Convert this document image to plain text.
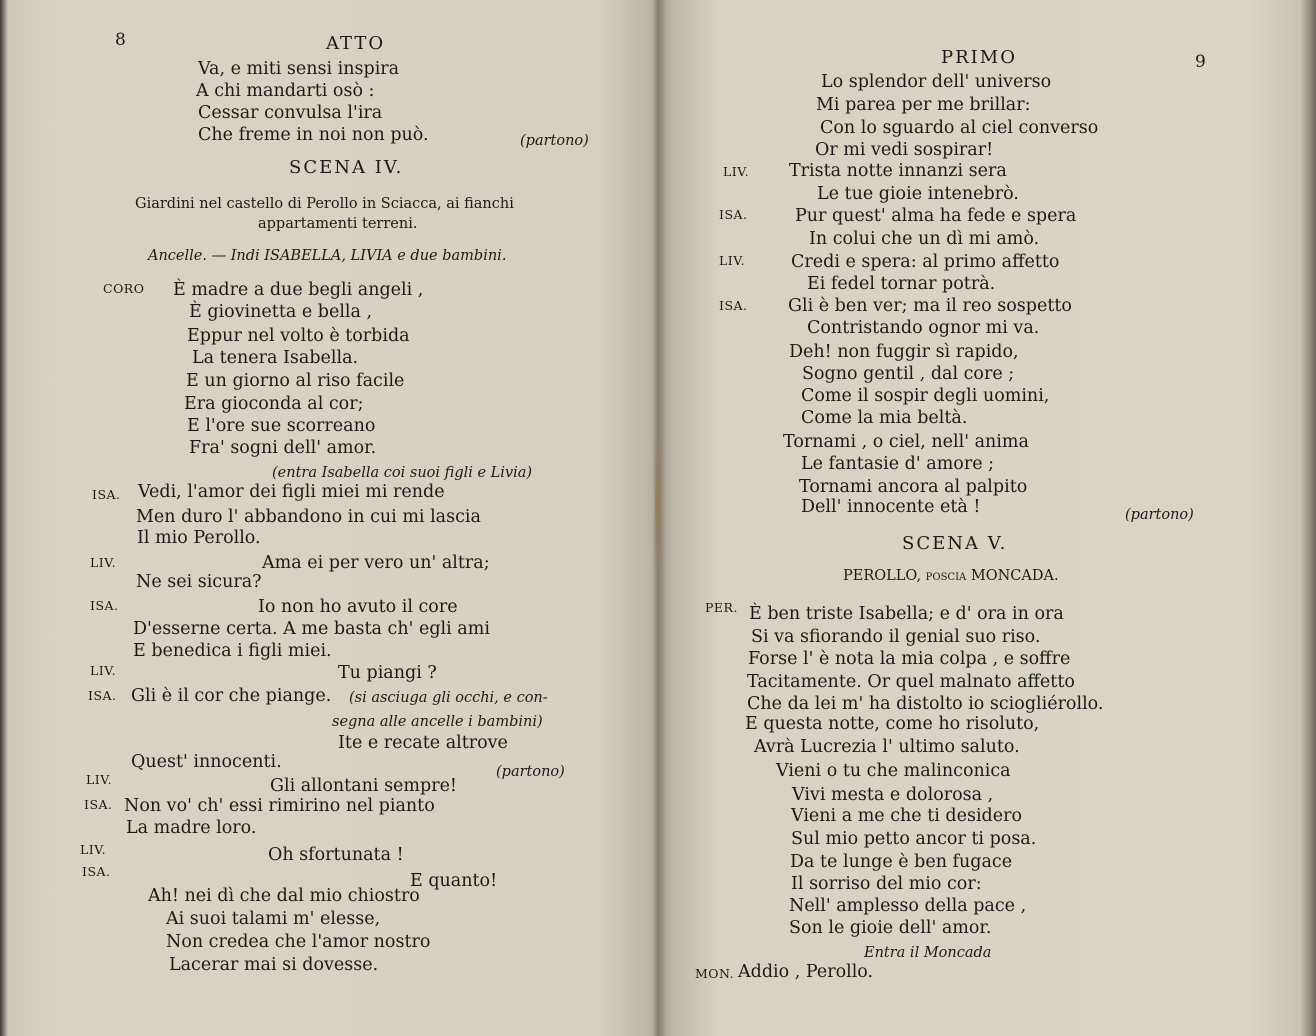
8	ATTO
Va, e miti sensi inspira
A chi mandarti osò :
Cessar convulsa l'ira
Che freme in noi non può.	(partono)
SCENA IV.
Giardini nel castello di Perollo in Sciacca, ai fianchi
appartamenti terreni.
Ancelle. — Indi ISABELLA, LIVIA e due bambini.
CORO È madre a due begli angeli ,
È giovinetta e bella ,
Eppur nel volto è torbida
La tenera Isabella.
E un giorno al riso facile
Era gioconda al cor;
E l'ore sue scorreano
Fra' sogni dell' amor.
(entra Isabella coi suoi figli e Livia)
ISA. Vedi, l'amor dei figli miei mi rende
Men duro l' abbandono in cui mi lascia
Il mio Perollo.
LIV.	Ama ei per vero un' altra;
Ne sei sicura?
ISA.	Io non ho avuto il core
D'esserne certa. A me basta ch' egli ami
E benedica i figli miei.
LIV.	Tu piangi ?
ISA. Gli è il cor che piange. (si asciuga gli occhi, e con-
segna alle ancelle i bambini)
Ite e recate altrove
Quest' innocenti.	(partono)
LIV.	Gli allontani sempre!
ISA. Non vo' ch' essi rimirino nel pianto
La madre loro.
LIV.	Oh sfortunata !
ISA.	E quanto!
Ah! nei dì che dal mio chiostro
Ai suoi talami m' elesse,
Non credea che l'amor nostro
Lacerar mai si dovesse.
PRIMO	9
Lo splendor dell' universo
Mi parea per me brillar:
Con lo sguardo al ciel converso
Or mi vedi sospirar!
LIV. Trista notte innanzi sera
Le tue gioie intenebrò.
ISA.	Pur quest' alma ha fede e spera
In colui che un dì mi amò.
LIV.	Credi e spera: al primo affetto
Ei fedel tornar potrà.
ISA. Gli è ben ver; ma il reo sospetto
Contristando ognor mi va.
Deh! non fuggir sì rapido,
Sogno gentil , dal core ;
Come il sospir degli uomini,
Come la mia beltà.
Tornami , o ciel, nell' anima
Le fantasie d' amore ;
Tornami ancora al palpito
Dell' innocente età !	(partono)
SCENA V.
PEROLLO, poscia MONCADA.
PER. È ben triste Isabella; e d' ora in ora
Si va sfiorando il genial suo riso.
Forse l' è nota la mia colpa , e soffre
Tacitamente. Or quel malnato affetto
Che da lei m' ha distolto io sciogliérollo.
E questa notte, come ho risoluto,
Avrà Lucrezia l' ultimo saluto.
Vieni o tu che malinconica
Vivi mesta e dolorosa ,
Vieni a me che ti desidero
Sul mio petto ancor ti posa.
Da te lunge è ben fugace
Il sorriso del mio cor:
Nell' amplesso della pace ,
Son le gioie dell' amor.
Entra il Moncada
MON. Addio , Perollo.
